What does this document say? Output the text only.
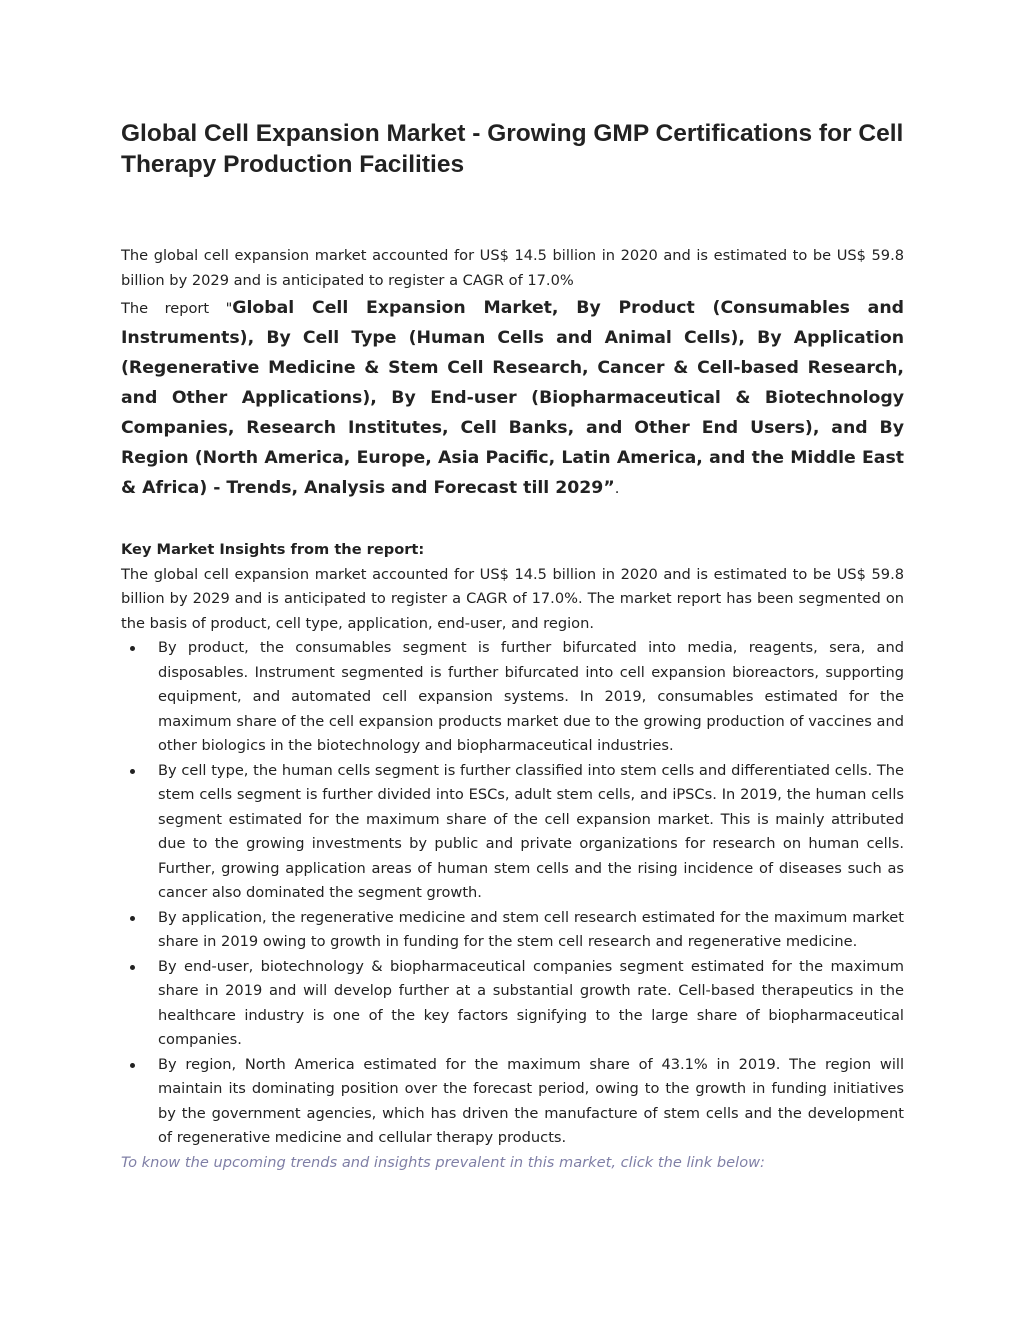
Global Cell Expansion Market - Growing GMP Certifications for Cell Therapy Production Facilities

The global cell expansion market accounted for US$ 14.5 billion in 2020 and is estimated to be US$ 59.8 billion by 2029 and is anticipated to register a CAGR of 17.0%

The report "Global Cell Expansion Market, By Product (Consumables and Instruments), By Cell Type (Human Cells and Animal Cells), By Application (Regenerative Medicine & Stem Cell Research, Cancer & Cell-based Research, and Other Applications), By End-user (Biopharmaceutical & Biotechnology Companies, Research Institutes, Cell Banks, and Other End Users), and By Region (North America, Europe, Asia Pacific, Latin America, and the Middle East & Africa) - Trends, Analysis and Forecast till 2029”.

Key Market Insights from the report:

The global cell expansion market accounted for US$ 14.5 billion in 2020 and is estimated to be US$ 59.8 billion by 2029 and is anticipated to register a CAGR of 17.0%. The market report has been segmented on the basis of product, cell type, application, end-user, and region.

By product, the consumables segment is further bifurcated into media, reagents, sera, and disposables. Instrument segmented is further bifurcated into cell expansion bioreactors, supporting equipment, and automated cell expansion systems. In 2019, consumables estimated for the maximum share of the cell expansion products market due to the growing production of vaccines and other biologics in the biotechnology and biopharmaceutical industries.
By cell type, the human cells segment is further classified into stem cells and differentiated cells. The stem cells segment is further divided into ESCs, adult stem cells, and iPSCs. In 2019, the human cells segment estimated for the maximum share of the cell expansion market. This is mainly attributed due to the growing investments by public and private organizations for research on human cells. Further, growing application areas of human stem cells and the rising incidence of diseases such as cancer also dominated the segment growth.
By application, the regenerative medicine and stem cell research estimated for the maximum market share in 2019 owing to growth in funding for the stem cell research and regenerative medicine.
By end-user, biotechnology & biopharmaceutical companies segment estimated for the maximum share in 2019 and will develop further at a substantial growth rate. Cell-based therapeutics in the healthcare industry is one of the key factors signifying to the large share of biopharmaceutical companies.
By region, North America estimated for the maximum share of 43.1% in 2019. The region will maintain its dominating position over the forecast period, owing to the growth in funding initiatives by the government agencies, which has driven the manufacture of stem cells and the development of regenerative medicine and cellular therapy products.

To know the upcoming trends and insights prevalent in this market, click the link below:
